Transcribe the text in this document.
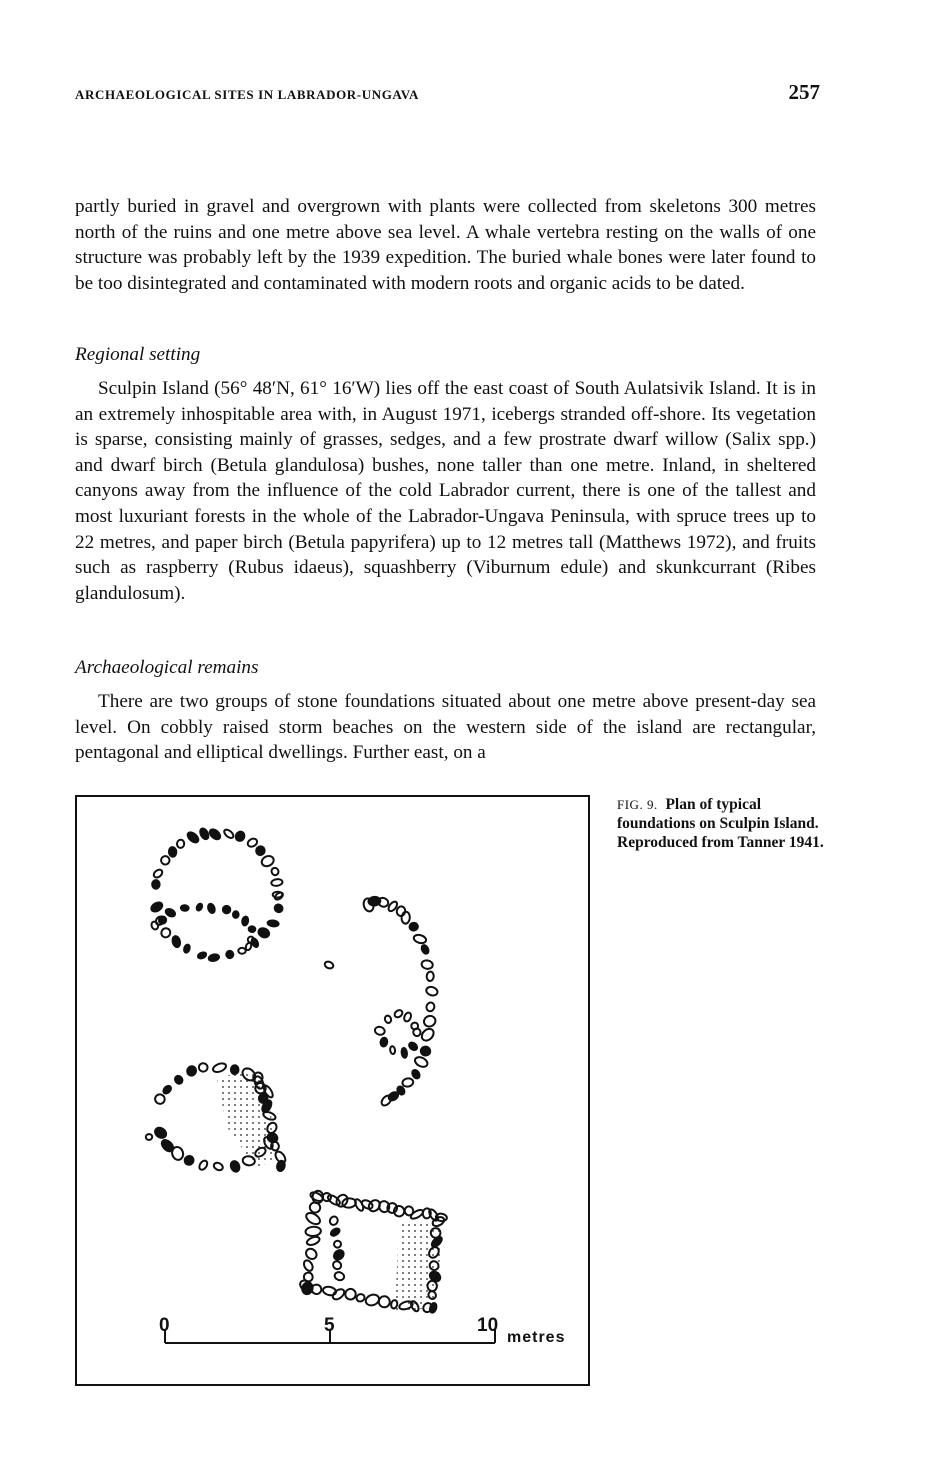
ARCHAEOLOGICAL SITES IN LABRADOR-UNGAVA	257

partly buried in gravel and overgrown with plants were collected from skeletons 300 metres north of the ruins and one metre above sea level. A whale vertebra resting on the walls of one structure was probably left by the 1939 expedition. The buried whale bones were later found to be too disintegrated and contaminated with modern roots and organic acids to be dated.

Regional setting

Sculpin Island (56° 48′N, 61° 16′W) lies off the east coast of South Aulatsivik Island. It is in an extremely inhospitable area with, in August 1971, icebergs stranded off-shore. Its vegetation is sparse, consisting mainly of grasses, sedges, and a few prostrate dwarf willow (Salix spp.) and dwarf birch (Betula glandulosa) bushes, none taller than one metre. Inland, in sheltered canyons away from the influence of the cold Labrador current, there is one of the tallest and most luxuriant forests in the whole of the Labrador-Ungava Peninsula, with spruce trees up to 22 metres, and paper birch (Betula papyrifera) up to 12 metres tall (Matthews 1972), and fruits such as raspberry (Rubus idaeus), squashberry (Viburnum edule) and skunkcurrant (Ribes glandulosum).

Archaeological remains

There are two groups of stone foundations situated about one metre above present-day sea level. On cobbly raised storm beaches on the western side of the island are rectangular, pentagonal and elliptical dwellings. Further east, on a

0	5	10
metres

FIG. 9. Plan of typical foundations on Sculpin Island. Reproduced from Tanner 1941.
